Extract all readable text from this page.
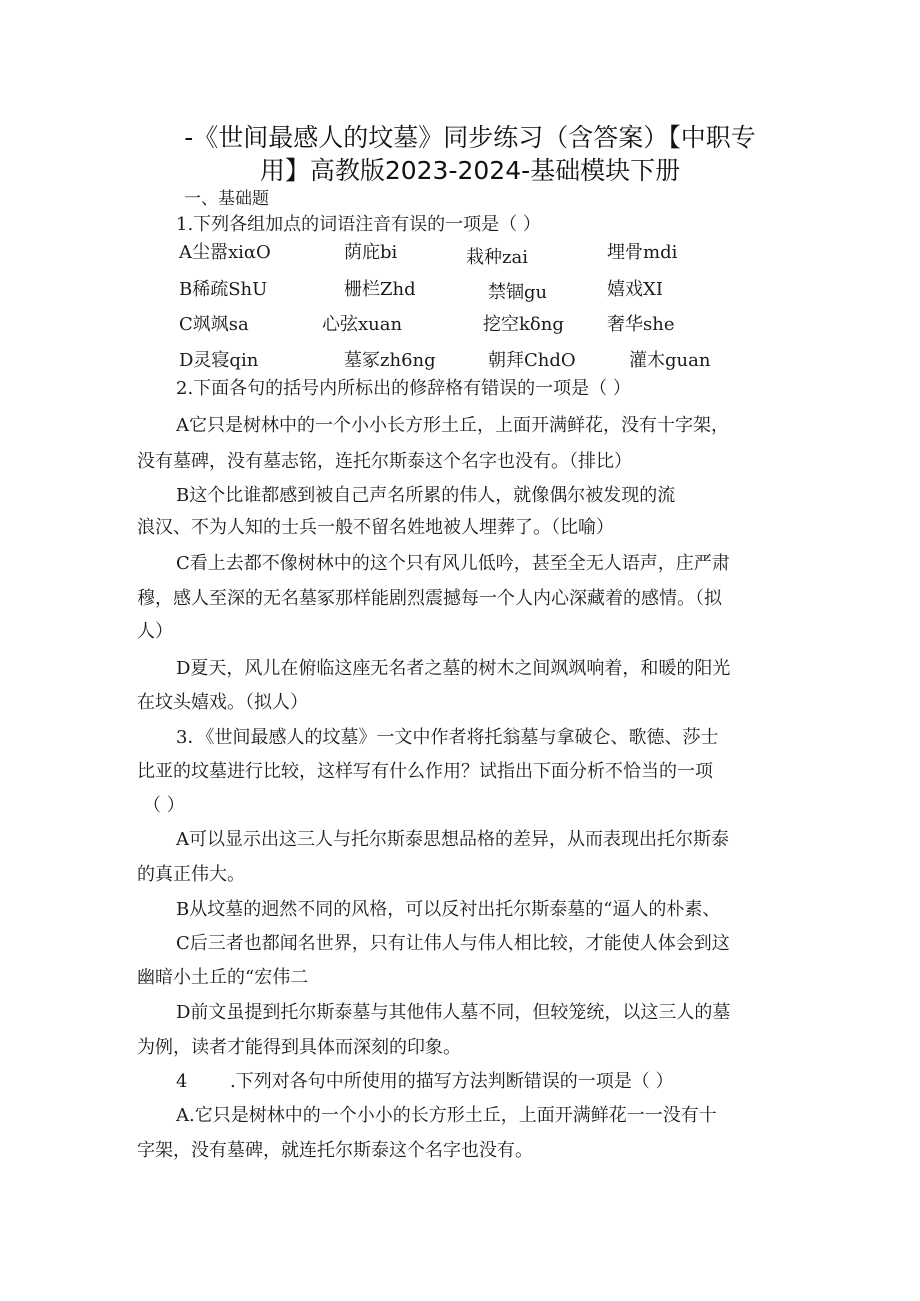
-《世间最感人的坟墓》同步练习（含答案）【中职专
用】高教版2023-2024-基础模块下册
一、基础题
1.下列各组加点的词语注音有误的一项是（ ）
A尘嚣xiαO	荫庇bi	栽种zai	埋骨mdi
B稀疏ShU	栅栏Zhd	禁锢gu	嬉戏XI
C飒飒sa	心弦xuan	挖空kδng 奢华she
D灵寝qin	墓冢zh6ng	朝拜ChdO	灌木guan
2.下面各句的括号内所标出的修辞格有错误的一项是（ ）
A它只是树林中的一个小小长方形土丘，上面开满鲜花，没有十字架，
没有墓碑，没有墓志铭，连托尔斯泰这个名字也没有。（排比）
B这个比谁都感到被自己声名所累的伟人，就像偶尔被发现的流
浪汉、不为人知的士兵一般不留名姓地被人埋葬了。（比喻）
C看上去都不像树林中的这个只有风儿低吟，甚至全无人语声，庄严肃
穆，感人至深的无名墓冢那样能剧烈震撼每一个人内心深藏着的感情。（拟
人）
D夏天，风儿在俯临这座无名者之墓的树木之间飒飒响着，和暖的阳光
在坟头嬉戏。（拟人）
3．《世间最感人的坟墓》一文中作者将托翁墓与拿破仑、歌德、莎士
比亚的坟墓进行比较，这样写有什么作用？试指出下面分析不恰当的一项
（ ）
A可以显示出这三人与托尔斯泰思想品格的差异，从而表现出托尔斯泰
的真正伟大。
B从坟墓的迥然不同的风格，可以反衬出托尔斯泰墓的“逼人的朴素、
C后三者也都闻名世界，只有让伟人与伟人相比较，才能使人体会到这
幽暗小土丘的“宏伟二
D前文虽提到托尔斯泰墓与其他伟人墓不同，但较笼统，以这三人的墓
为例，读者才能得到具体而深刻的印象。
4 .下列对各句中所使用的描写方法判断错误的一项是（ ）
A.它只是树林中的一个小小的长方形土丘，上面开满鲜花一一没有十
字架，没有墓碑，就连托尔斯泰这个名字也没有。
